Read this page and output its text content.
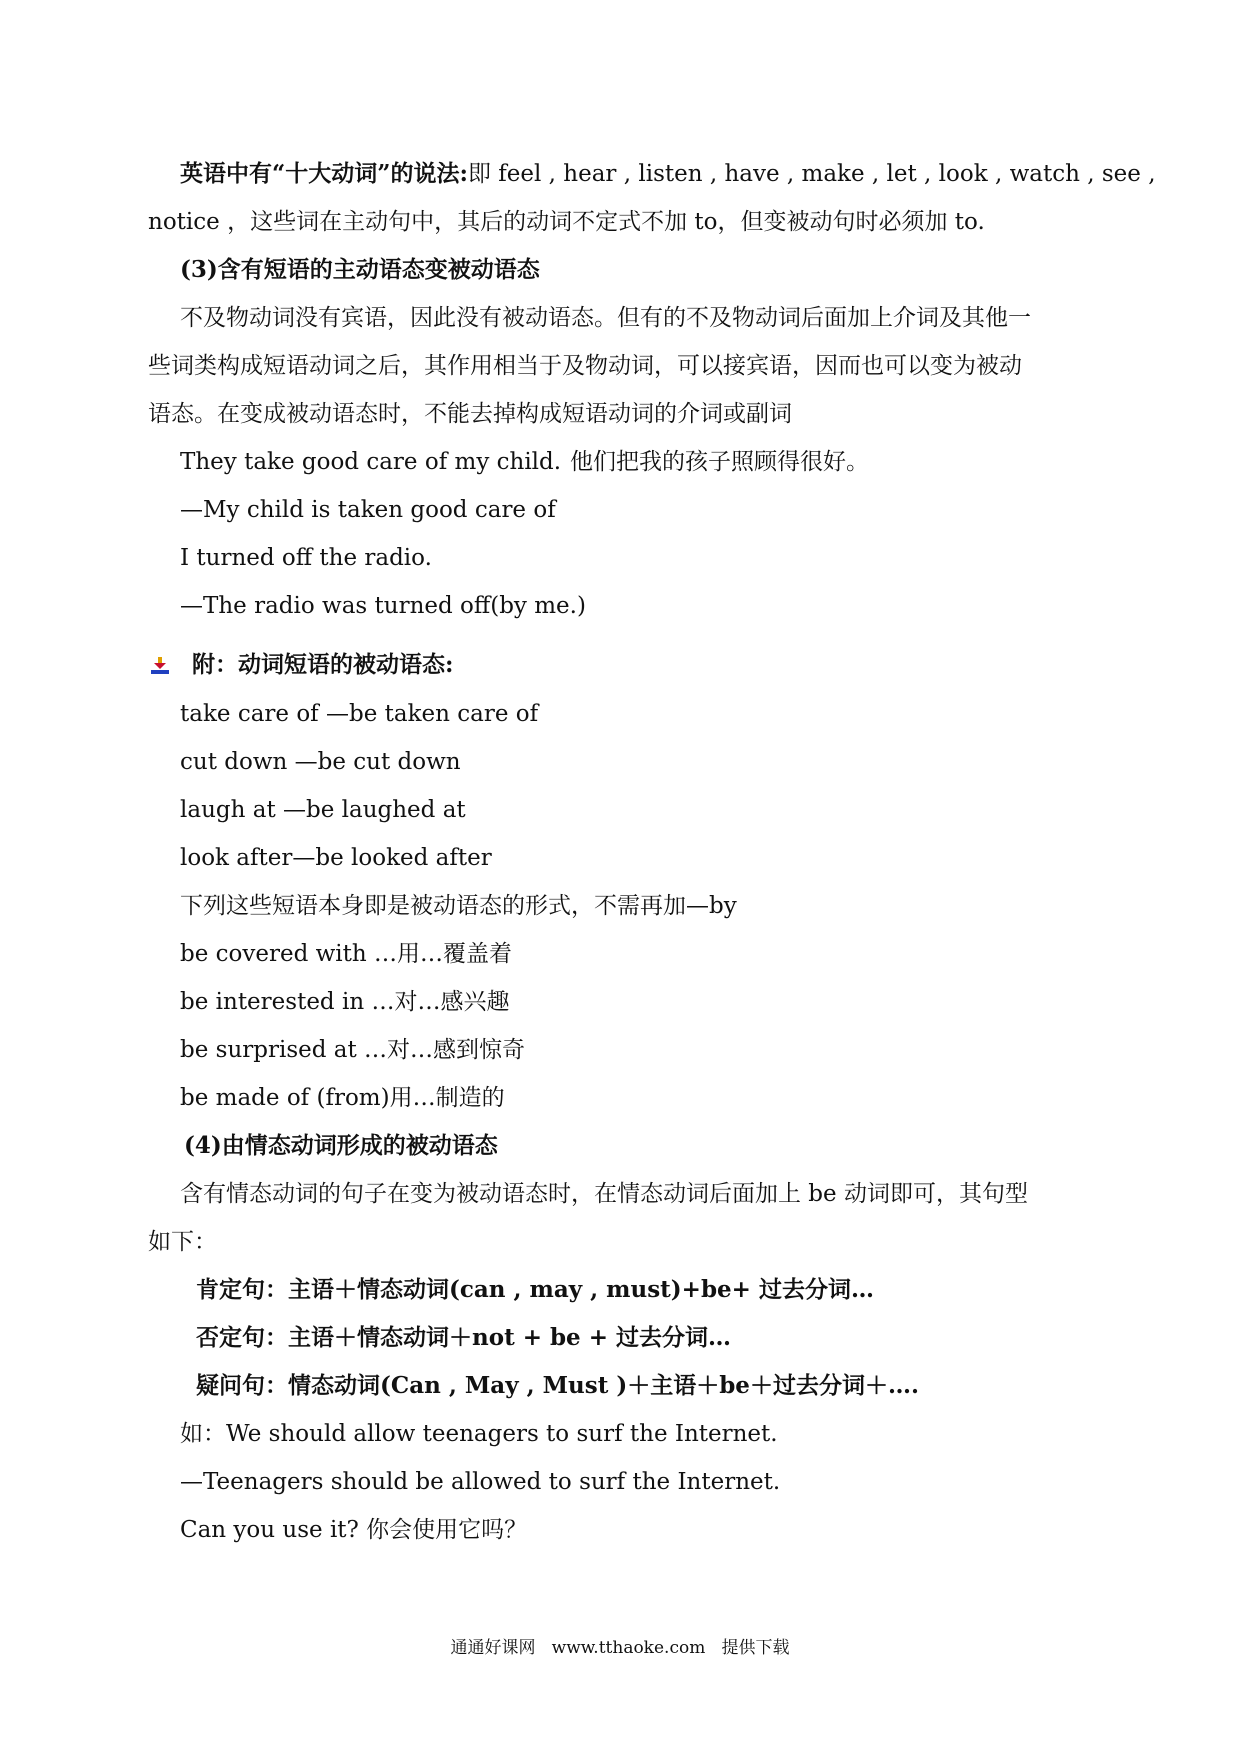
英语中有“十大动词”的说法:即 feel , hear , listen , have , make , let , look , watch , see ,
notice ，这些词在主动句中，其后的动词不定式不加 to，但变被动句时必须加 to.
(3)含有短语的主动语态变被动语态
不及物动词没有宾语，因此没有被动语态。但有的不及物动词后面加上介词及其他一
些词类构成短语动词之后，其作用相当于及物动词，可以接宾语，因而也可以变为被动
语态。在变成被动语态时，不能去掉构成短语动词的介词或副词
They take good care of my child. 他们把我的孩子照顾得很好。
—My child is taken good care of
I turned off the radio.
—The radio was turned off(by me.)
附：动词短语的被动语态:
take care of —be taken care of
cut down —be cut down
laugh at —be laughed at
look after—be looked after
下列这些短语本身即是被动语态的形式，不需再加—by
be covered with …用…覆盖着
be interested in …对…感兴趣
be surprised at …对…感到惊奇
be made of (from)用…制造的
(4)由情态动词形成的被动语态
含有情态动词的句子在变为被动语态时，在情态动词后面加上 be 动词即可，其句型
如下：
肯定句：主语＋情态动词(can , may , must)+be+ 过去分词…
否定句：主语＋情态动词＋not + be + 过去分词…
疑问句：情态动词(Can , May , Must )＋主语＋be＋过去分词＋….
如：We should allow teenagers to surf the Internet.
—Teenagers should be allowed to surf the Internet.
Can you use it? 你会使用它吗？
通通好课网   www.tthaoke.com   提供下载
